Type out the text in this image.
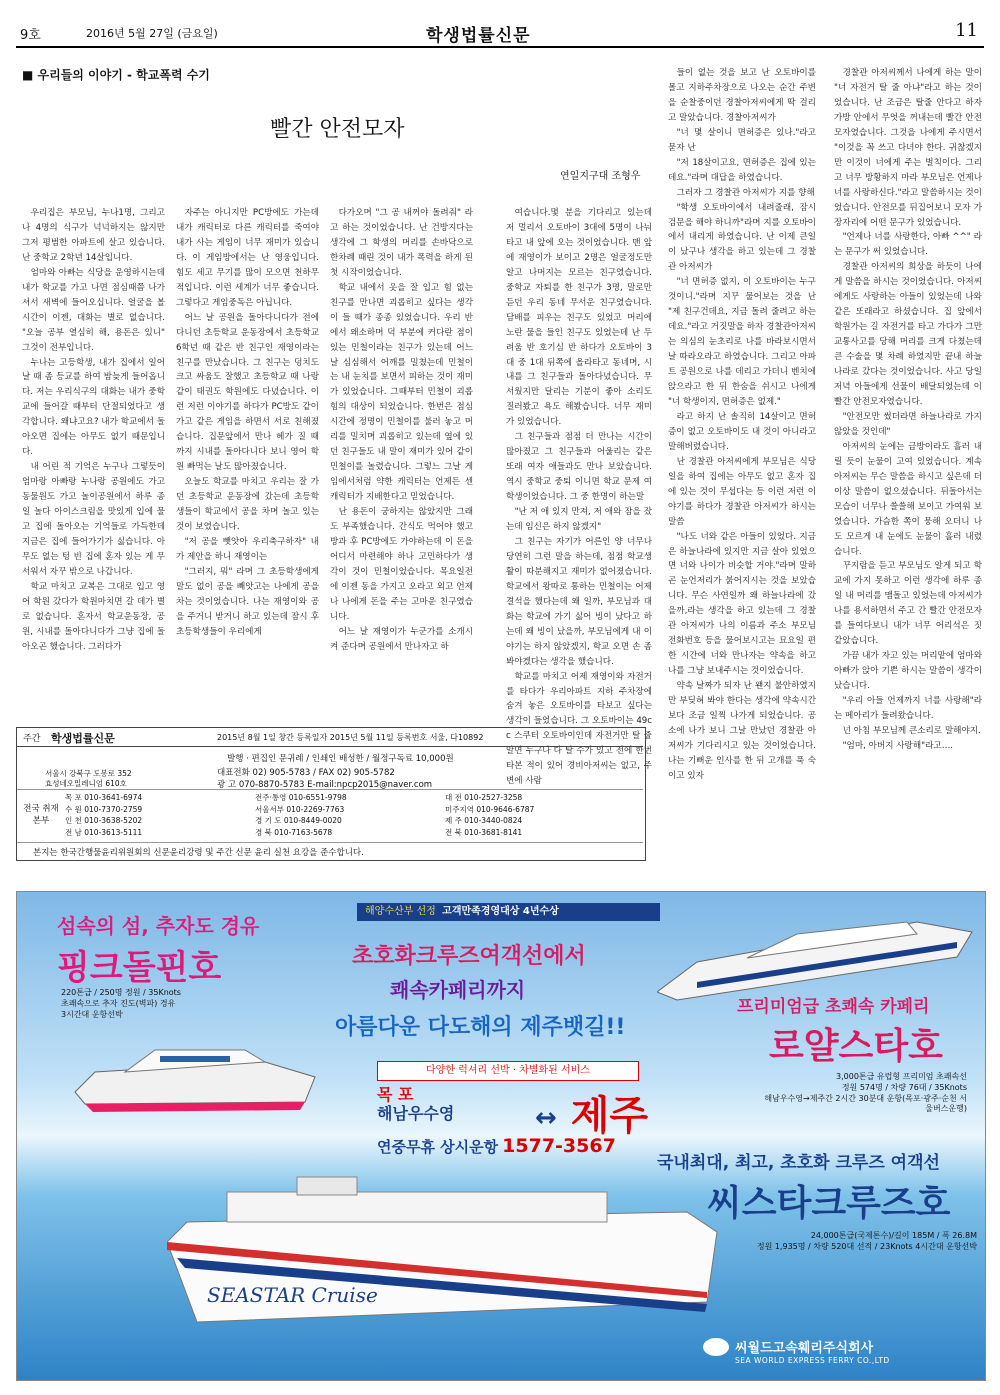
9호	2016년 5월 27일 (금요일)	학생법률신문	11
■ 우리들의 이야기 - 학교폭력 수기
빨간 안전모자
연일지구대 조형우

우리집은 부모님, 누나1명, 그리고 나 4명의 식구가 넉넉하지는 않지만 그저 평범한 아파트에 살고 있습니다. 난 중학교 2학년 14살입니다.

엄마와 아빠는 식당을 운영하시는데 내가 학교를 가고 나면 점심때쯤 나가셔서 새벽에 들어오십니다. 얼굴을 볼 시간이 이젠, 대화는 별로 없습니다. "오늘 공부 열심히 해, 용돈은 있니" 그것이 전부입니다.

누나는 고등학생, 내가 집에서 일어날 때 좀 등교를 하여 밤늦게 들어옵니다. 저는 우리식구의 대화는 내가 중학교에 들어갈 때부터 단절되었다고 생각합니다. 왜냐고요? 내가 학교에서 돌아오면 집에는 아무도 없기 때문입니다.

내 어린 적 기억은 누구나 그렇듯이 엄마랑 아빠랑 누나랑 공원에도 가고 동물원도 가고 놀이공원에서 하루 종일 놀다 아이스크림을 맛있게 입에 물고 집에 돌아오는 기억들로 가득한데 지금은 집에 들어가기가 싫습니다. 아무도 없는 텅 빈 집에 혼자 있는 게 무서워서 자꾸 밖으로 나갑니다.

학교 마치고 교복은 그대로 입고 영어 학원 갔다가 학원마치면 갈 데가 별로 없습니다. 혼자서 학교운동장, 공원, 시내를 돌아다니다가 그냥 집에 돌아오곤 했습니다. 그러다가

자주는 아니지만 PC방에도 가는데 내가 캐릭터로 다른 캐릭터를 죽여야 내가 사는 게임이 너무 재미가 있습니다. 이 게임방에서는 난 영웅입니다. 힘도 세고 무기를 많이 모으면 천하무적입니다. 이런 세계가 너무 좋습니다. 그렇다고 게임중독은 아닙니다.

어느 날 공원을 돌아다니다가 전에 다니던 초등학교 운동장에서 초등학교 6학년 때 같은 반 친구인 재영이라는 친구를 만났습니다. 그 친구는 덩치도 크고 싸움도 잘했고 초등학교 때 나랑 같이 태권도 학원에도 다녔습니다. 이런 저런 이야기를 하다가 PC방도 같이 가고 같은 게임을 하면서 서로 친해졌습니다. 집문앞에서 만나 헤가 질 때 까지 시내를 돌아다니다 보니 영어 학원 빠먹는 날도 많아졌습니다.

오늘도 학교를 마치고 우리는 잘 가던 초등학교 운동장에 갔는데 초등학생들이 학교에서 공을 차며 놀고 있는 것이 보였습니다.

"저 공을 뺏앗아 우리축구하자" 내가 제안을 하니 재영이는

"그러지, 뭐" 라며 그 초등학생에게 말도 없이 공을 빼앗고는 나에게 공을 차는 것이었습니다. 나는 재영이와 공을 주거니 받거니 하고 있는데 잠시 후 초등학생들이 우리에게

다가오며 "그 공 내꺼야 돌려줘" 라고 하는 것이었습니다. 난 건방지다는 생각에 그 학생의 머리를 손바닥으로 한차례 때린 것이 내가 폭력을 하게 된 첫 시작이었습니다.

학교 내에서 옷을 잘 입고 힘 없는 친구를 만나면 괴롭히고 싶다는 생각이 들 때가 종종 있었습니다. 우리 반에서 왜소하며 덕 부분에 커다란 점이 있는 민철이라는 친구가 있는데 어느 날 심심해서 어깨를 밀쳤는데 민철이는 내 눈치를 보면서 피하는 것이 재미가 있었습니다. 그때부터 민철이 괴롭힘의 대상이 되었습니다. 한번은 점심시간에 정명이 민철이를 불러 놓고 머리를 밀치며 괴롭히고 있는데 옆에 있던 친구들도 내 말이 재미가 있어 같이 민철이를 놀렸습니다. 그렇느 그날 게임에서처럼 약한 캐릭터는 언제든 센 캐릭터가 지배한다고 믿었습니다.

난 용돈이 궁하지는 않았지만 그래도 부족했습니다. 간식도 먹어야 했고 방과 후 PC방에도 가야하는데 이 돈을 어디서 마련해야 하나 고민하다가 생각이 것이 민철이었습니다. 목요일전에 이젠 동을 가지고 오라고 외고 언제나 나에게 돈을 주는 고마운 친구였습니다.

어느 날 재영이가 누군가를 소개시켜 준다며 공원에서 만나자고 하

여습니다.몇 분을 기다리고 있는데 저 멀리서 오토바이 3대에 5명이 나눠 타고 내 앞에 오는 것이었습니다. 맨 앞에 재영이가 보이고 2명은 얼굴정도만 알고 나머지는 모르는 친구였습니다. 중학교 자퇴를 한 친구가 3명, 말로만 듣던 우리 동네 무서운 친구였습니다. 담배를 피우는 친구도 있었고 머리에 노란 물을 들인 친구도 있었는데 난 두려움 반 호기심 반 하다가 오토바이 3대 중 1대 뒤쪽에 올라타고 동네며, 시내를 그 친구들과 돌아다녔습니다. 무서웠지만 달리는 기분이 좋아 소리도 질러봤고 욕도 해봤습니다. 너무 재미가 있었습니다.

그 친구들과 점점 더 만나는 시간이 많아졌고 그 친구들과 어울리는 같은 또래 여자 애들과도 만나 보았습니다. 역시 중학교 중퇴 이니면 학교 문제 여학생이었습니다. 그 중 한명이 하는말

"난 저 애 있지 만져, 저 애와 잠을 잤는데 임신은 하지 않겠지"

그 친구는 자기가 어른인 양 너무나 당연히 그런 말을 하는데, 점점 학교생활이 따분해지고 재미가 없어졌습니다. 학교에서 왕따로 통하는 민철이는 어제 결석을 했다는데 왜 일까, 부모님과 대화는 학교에 가기 싫어 빙이 났다고 하는데 왜 빙이 났을까, 부모님에게 내 이야기는 하지 않았겠지, 학교 오면 손 좀 봐야겠다는 생각을 했습니다.

학교를 마치고 어제 재영이와 자전거를 타다가 우리아파트 지하 주차장에 숨겨 놓은 오토바이를 타보고 싶다는 생각이 들었습니다. 그 오토바이는 49cc 스쿠터 오토바이인데 자전거만 탈 줄 알면 누구나 다 탈 수가 있고 전에 한번 타본 적이 있어 경비아저씨는 없고, 주변에 사람

들이 없는 것을 보고 난 오토바이를 몰고 지하주차장으로 나오는 순간 주변을 순찰중이던 경찰아저씨에게 딱 걸리고 말았습니다. 경찰아저씨가

"너 몇 살이니 면허증은 있나."라고 묻자 난

"저 18살이고요, 면허증은 집에 있는데요."라며 대답을 하였습니다.

그러자 그 경찰관 아저씨가 지를 향해

"학생 오토바이에서 내려줄래, 잠시 검문을 해야 하니까"라며 지를 오토바이에서 내리게 하였습니다. 난 이제 큰일이 났구나 생각을 하고 있는데 그 경찰관 아저씨가

"너 면허증 없지, 이 오토바이는 누구 것이니."라며 지꾸 물어보는 것을 난 "제 친구건데요, 지금 돌려 줄려고 하는데요."라고 거짓말을 하자 경찰관아저씨는 의심의 눈초리로 나를 바라보시면서 날 따라오라고 하였습니다. 그리고 아파트 공원으로 나를 데리고 가더니 벤치에 앉으라고 한 뒤 한숨을 쉬시고 나에게 "너 학생이지, 면허증은 없제."

라고 하지 난 솔직히 14살이고 면허증이 없고 오토바이도 내 것이 아니라고 말해버렸습니다.

난 경찰관 아저씨에게 부모님은 식당일을 하여 집에는 아무도 없고 혼자 집에 있는 것이 무섭다는 등 이런 저런 이야기를 하다가 경찰관 아저씨가 하시는 말씀

"나도 너와 같은 아들이 있었다. 지금은 하늘나라에 있지만 지금 살아 있었으면 너와 나이가 비슷할 거야."라며 말하곤 눈언저리가 붉어지시는 것을 보았습니다. 무슨 사연일까 왜 하늘나라에 갔을까,라는 생각을 하고 있는데 그 경찰관 아저씨가 나의 이름과 주소 부모님 전화번호 등을 물어보시고는 묘요일 편한 시간에 너와 만나자는 약속을 하고 나를 그냥 보내주시는 것이었습니다.

약속 날짜가 되자 난 왠지 불안하였지만 부딪혀 봐야 한다는 생각에 약속시간보다 조금 일찍 나가게 되었습니다. 공소에 나가 보니 그날 만났던 경찰관 아저씨가 기다리시고 있는 것이었습니다. 나는 기뻐운 인사를 한 뒤 고개를 푹 숙이고 있자

경찰관 아저씨께서 나에게 하는 말이 "너 자전거 탈 줄 아냐"라고 하는 것이었습니다. 난 조금은 탈줄 안다고 하자 가방 안에서 무엇을 꺼내는데 빨간 안전 모자였습니다. 그것을 나에게 주시면서 "이것을 꼭 쓰고 다녀야 한다. 귀찮겠지만 이것이 너에게 주는 벌칙이다. 그리고 너무 방황하지 마라 부모님은 언제나 너를 사랑하신다."라고 말씀하시는 것이었습니다. 안전모를 뒤집어보니 모자 가장자리에 어떤 문구가 있었습니다.

"언제나 너를 사랑한다, 아빠 ^^" 라는 문구가 써 있었습니다.

경찰관 아저씨의 희상을 하듯이 나에게 말씀을 하시는 것이었습니다. 아저씨에게도 사랑하는 아들이 있었는데 나와 같은 또래라고 하셨습니다. 집 앞에서 학원가는 길 자전거를 타고 가다가 그만 교통사고를 당해 머리를 크게 다쳤는데 큰 수술을 몇 차례 하였지만 끝내 하늘나라로 갔다는 것이었습니다. 사고 당일 저녁 아들에게 선물이 배달되었는데 이 빨간 안전모자였습니다.

"안전모만 썼더라면 하늘나라로 가지 않았을 것인데"

아저씨의 눈에는 금방이라도 흘러 내릴 듯이 눈물이 고여 있었습니다. 계속 아저씨는 무슨 말씀을 하시고 싶은데 더 이상 말씀이 없으셨습니다. 뒤돌아서는 모습이 너무나 쓸쓸해 보이고 가여워 보였습니다. 가슴한 쪽이 뭉해 오더니 나도 모르게 내 눈에도 눈물이 흘러 내렸습니다.

꾸지람을 듣고 부모님도 알게 되고 학교에 가지 못하고 이런 생각에 하루 종일 내 머리를 맴돌고 있었는데 아저씨가 나를 용서하면서 주고 간 빨간 안전모자를 들여다보니 내가 너무 어리석은 짓 같았습니다.

가끔 내가 자고 있는 머리맡에 엄마와 아빠가 앉아 기쁜 하시는 말씀이 생각이 났습니다.

"우리 아들 언제까지 너를 사랑해"라는 메아리가 들려왔습니다.

넌 아침 부모님께 큰소리로 말해야지.

"엄마, 아버지 사랑해"라고….

주간 학생법률신문	2015년 8월 1일 창간 등록일자 2015년 5월 11일 등록번호 서울, 다10892
발행 · 편집인 문귀례 / 인쇄인 배성한 / 월정구독료 10,000원
서울시 강북구 도봉로 352
효성네오밀레니엄 610호
대표전화 02) 905-5783 / FAX 02) 905-5782
광 고 070-8870-5783 E-mail:npcp2015@naver.com
전국 취재본부
목 포 010-3641-6974	전주·통영 010-6551-9798	대 전 010-2527-3258
수 원 010-7370-2759	서울서부 010-2269-7763	미주지역 010-9646-6787
인 천 010-3638-5202	경 기 도 010-8449-0020	제 주 010-3440-0824
전 남 010-3613-5111	경 북 010-7163-5678	전 북 010-3681-8141
본지는 한국간행물윤리위원회의 신문윤리강령 및 주간 신문 윤리 실천 요강을 준수합니다.
섬속의 섬, 추자도 경유
핑크돌핀호
220톤급 / 250명 정원 / 35Knots
초쾌속으로 추자 진도(벽파) 경유
3시간대 운항선박
해양수산부 선정 고객만족경영대상 4년수상
초호화크루즈여객선에서
쾌속카페리까지
아름다운 다도해의 제주뱃길!!
프리미엄급 초쾌속 카페리
로얄스타호
3,000톤급 유럽형 프리미엄 초쾌속선
정원 574명 / 차량 76대 / 35Knots
해남우수영→제주간 2시간 30분대 운항(목포·광주·순천 서울버스운행)
다양한 럭셔리 선박 · 차별화된 서비스
목 포
해남우수영	↔ 제주
연중무휴 상시운항 1577-3567
SEASTAR Cruise
국내최대, 최고, 초호화 크루즈 여객선
씨스타크루즈호
24,000톤급(국제톤수)/길이 185M / 폭 26.8M
정원 1,935명 / 차량 520대 선적 / 23Knots 4시간대 운항선박
씨월드고속훼리주식회사
SEA WORLD EXPRESS FERRY CO.,LTD
